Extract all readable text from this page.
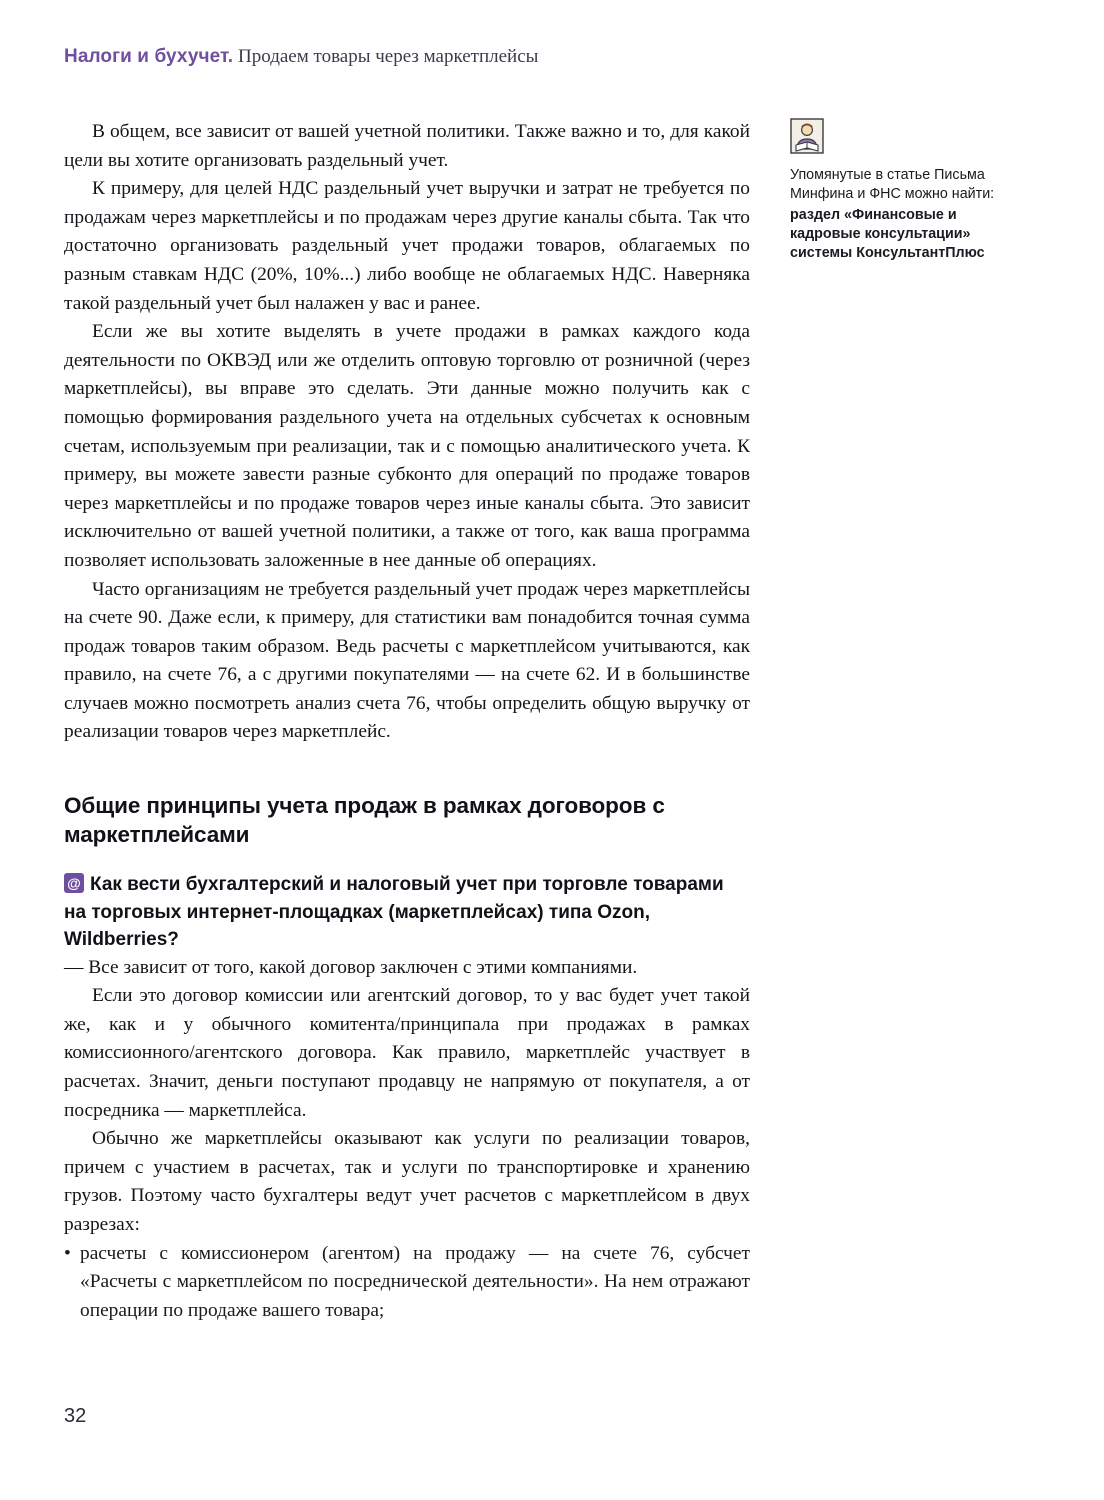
Налоги и бухучет. Продаем товары через маркетплейсы
Упомянутые в статье Письма Минфина и ФНС можно найти:
раздел «Финансовые и кадровые консультации» системы КонсультантПлюс

В общем, все зависит от вашей учетной политики. Также важно и то, для какой цели вы хотите организовать раздельный учет.

К примеру, для целей НДС раздельный учет выручки и затрат не требуется по продажам через маркетплейсы и по продажам через другие каналы сбыта. Так что достаточно организовать раздельный учет продажи товаров, облагаемых по разным ставкам НДС (20%, 10%...) либо вообще не облагаемых НДС. Наверняка такой раздельный учет был налажен у вас и ранее.

Если же вы хотите выделять в учете продажи в рамках каждого кода деятельности по ОКВЭД или же отделить оптовую торговлю от розничной (через маркетплейсы), вы вправе это сделать. Эти данные можно получить как с помощью формирования раздельного учета на отдельных субсчетах к основным счетам, используемым при реализации, так и с помощью аналитического учета. К примеру, вы можете завести разные субконто для операций по продаже товаров через маркетплейсы и по продаже товаров через иные каналы сбыта. Это зависит исключительно от вашей учетной политики, а также от того, как ваша программа позволяет использовать заложенные в нее данные об операциях.

Часто организациям не требуется раздельный учет продаж через маркетплейсы на счете 90. Даже если, к примеру, для статистики вам понадобится точная сумма продаж товаров таким образом. Ведь расчеты с маркетплейсом учитываются, как правило, на счете 76, а с другими покупателями — на счете 62. И в большинстве случаев можно посмотреть анализ счета 76, чтобы определить общую выручку от реализации товаров через маркетплейс.

Общие принципы учета продаж в рамках договоров с маркетплейсами

@ Как вести бухгалтерский и налоговый учет при торговле товарами на торговых интернет-площадках (маркетплейсах) типа Ozon, Wildberries?

— Все зависит от того, какой договор заключен с этими компаниями.

Если это договор комиссии или агентский договор, то у вас будет учет такой же, как и у обычного комитента/принципала при продажах в рамках комиссионного/агентского договора. Как правило, маркетплейс участвует в расчетах. Значит, деньги поступают продавцу не напрямую от покупателя, а от посредника — маркетплейса.

Обычно же маркетплейсы оказывают как услуги по реализации товаров, причем с участием в расчетах, так и услуги по транспортировке и хранению грузов. Поэтому часто бухгалтеры ведут учет расчетов с маркетплейсом в двух разрезах:

• расчеты с комиссионером (агентом) на продажу — на счете 76, субсчет «Расчеты с маркетплейсом по посреднической деятельности». На нем отражают операции по продаже вашего товара;
32
